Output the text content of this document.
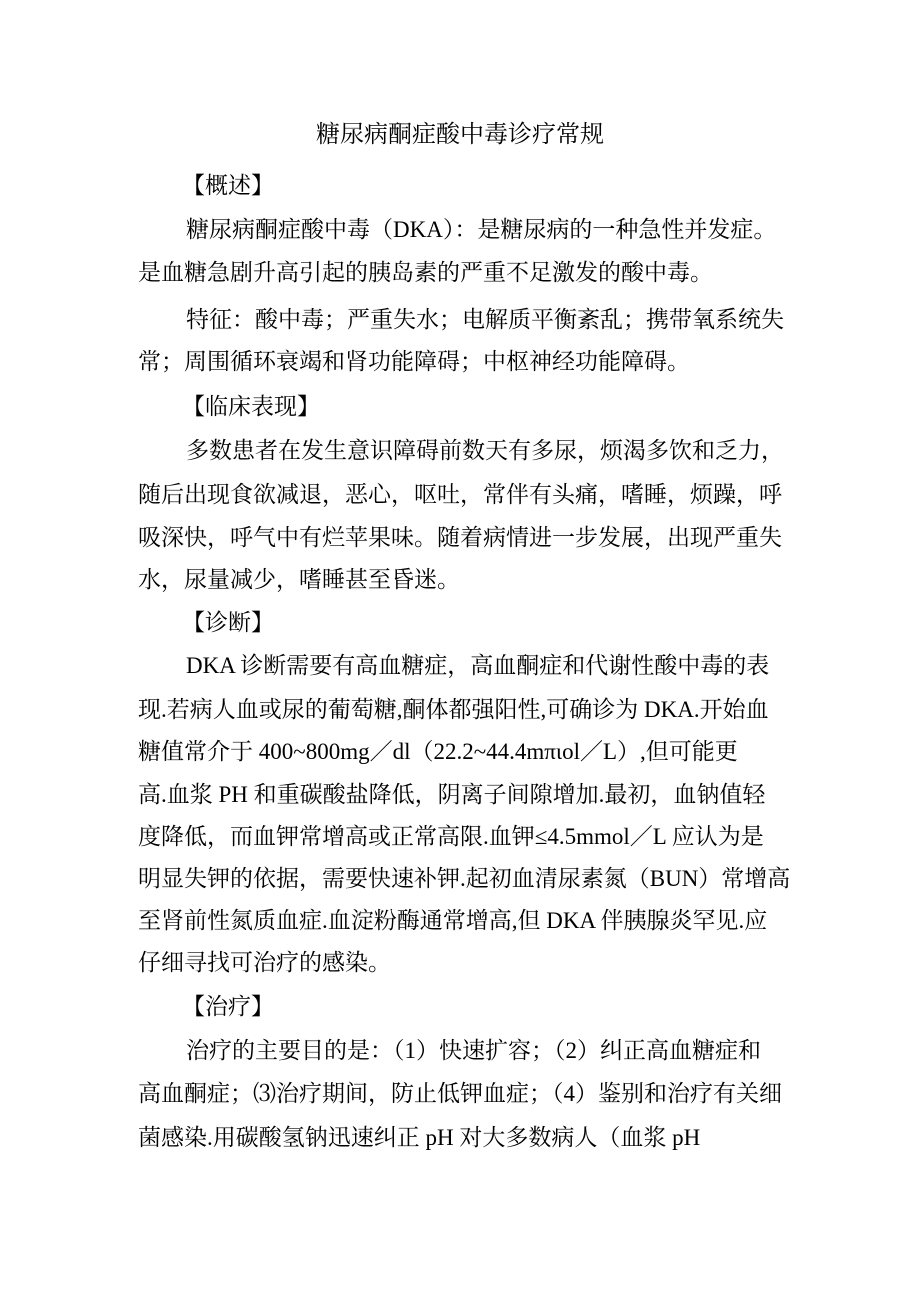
糖尿病酮症酸中毒诊疗常规
【概述】

糖尿病酮症酸中毒（DKA）：是糖尿病的一种急性并发症。

是血糖急剧升高引起的胰岛素的严重不足激发的酸中毒。

特征：酸中毒；严重失水；电解质平衡紊乱；携带氧系统失

常；周围循环衰竭和肾功能障碍；中枢神经功能障碍。

【临床表现】

多数患者在发生意识障碍前数天有多尿，烦渴多饮和乏力，

随后出现食欲减退，恶心，呕吐，常伴有头痛，嗜睡，烦躁，呼

吸深快，呼气中有烂苹果味。随着病情进一步发展，出现严重失

水，尿量减少，嗜睡甚至昏迷。

【诊断】

DKA 诊断需要有高血糖症，高血酮症和代谢性酸中毒的表

现.若病人血或尿的葡萄糖,酮体都强阳性,可确诊为 DKA.开始血

糖值常介于 400~800mg／dl（22.2~44.4mπιol／L）,但可能更

高.血浆 PH 和重碳酸盐降低，阴离子间隙增加.最初，血钠值轻

度降低，而血钾常增高或正常高限.血钾≤4.5mmol／L 应认为是

明显失钾的依据，需要快速补钾.起初血清尿素氮（BUN）常增高

至肾前性氮质血症.血淀粉酶通常增高,但 DKA 伴胰腺炎罕见.应

仔细寻找可治疗的感染。

【治疗】

治疗的主要目的是：（1）快速扩容；（2）纠正高血糖症和

高血酮症；⑶治疗期间，防止低钾血症；（4）鉴别和治疗有关细

菌感染.用碳酸氢钠迅速纠正 pH 对大多数病人（血浆 pH
